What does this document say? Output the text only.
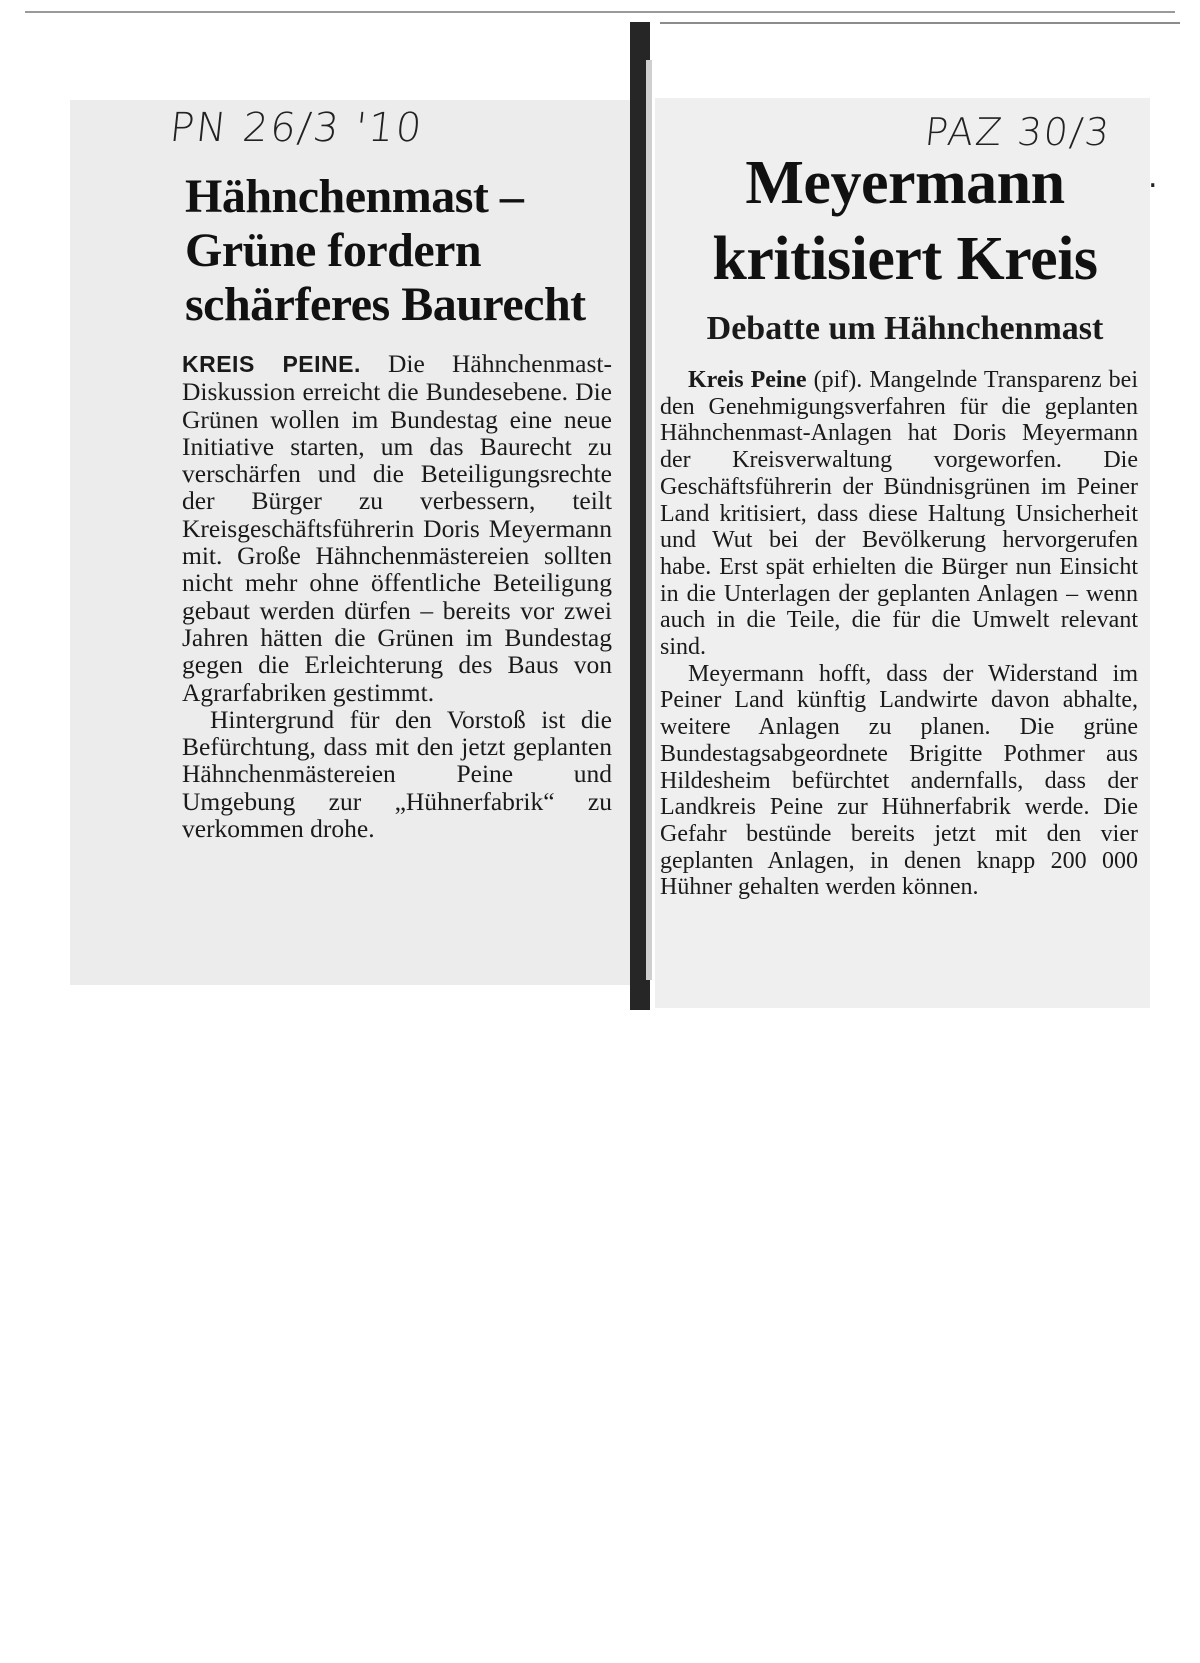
PN 26/3 '10	PAZ 30/3
.
Hähnchenmast –
Grüne fordern
schärferes Baurecht

KREIS PEINE. Die Hähnchenmast-Diskussion erreicht die Bundesebene. Die Grünen wollen im Bundestag eine neue Initiative starten, um das Baurecht zu verschärfen und die Beteiligungsrechte der Bürger zu verbessern, teilt Kreisgeschäftsführerin Doris Meyermann mit. Große Hähnchenmästereien sollten nicht mehr ohne öffentliche Beteiligung gebaut werden dürfen – bereits vor zwei Jahren hätten die Grünen im Bundestag gegen die Erleichterung des Baus von Agrarfabriken gestimmt.

Hintergrund für den Vorstoß ist die Befürchtung, dass mit den jetzt geplanten Hähnchenmästereien Peine und Umgebung zur „Hühnerfabrik“ zu verkommen drohe.

Meyermann
kritisiert Kreis
Debatte um Hähnchenmast

Kreis Peine (pif). Mangelnde Transparenz bei den Genehmigungsverfahren für die geplanten Hähnchenmast-Anlagen hat Doris Meyermann der Kreisverwaltung vorgeworfen. Die Geschäftsführerin der Bündnisgrünen im Peiner Land kritisiert, dass diese Haltung Unsicherheit und Wut bei der Bevölkerung hervorgerufen habe. Erst spät erhielten die Bürger nun Einsicht in die Unterlagen der geplanten Anlagen – wenn auch in die Teile, die für die Umwelt relevant sind.

Meyermann hofft, dass der Widerstand im Peiner Land künftig Landwirte davon abhalte, weitere Anlagen zu planen. Die grüne Bundestagsabgeordnete Brigitte Pothmer aus Hildesheim befürchtet andernfalls, dass der Landkreis Peine zur Hühnerfabrik werde. Die Gefahr bestünde bereits jetzt mit den vier geplanten Anlagen, in denen knapp 200 000 Hühner gehalten werden können.
